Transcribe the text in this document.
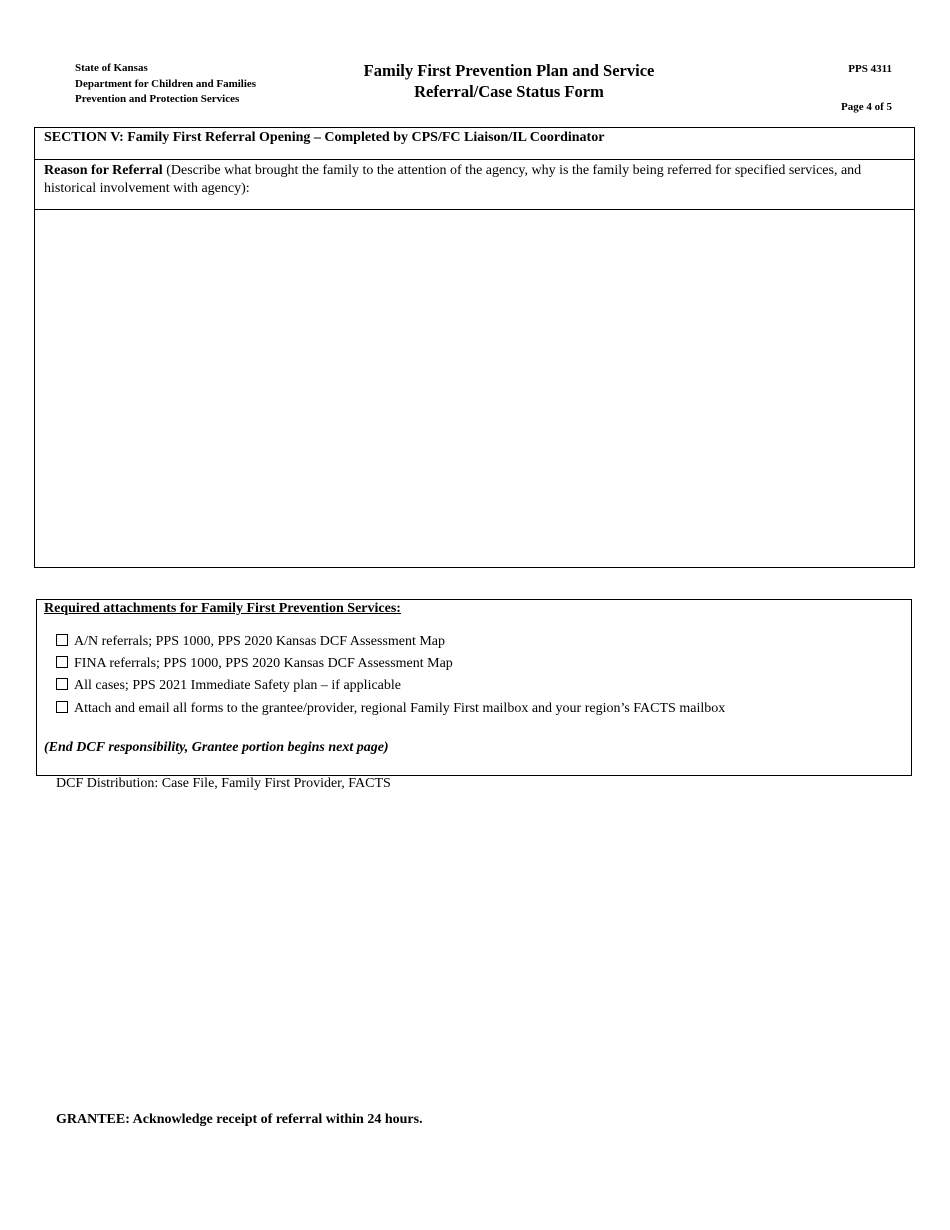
State of Kansas
Department for Children and Families
Prevention and Protection Services
Family First Prevention Plan and Service
Referral/Case Status Form
PPS 4311
Page 4 of 5
SECTION V: Family First Referral Opening – Completed by CPS/FC Liaison/IL Coordinator

Reason for Referral (Describe what brought the family to the attention of the agency, why is the family being referred for specified services, and historical involvement with agency):

Required attachments for Family First Prevention Services:
A/N referrals; PPS 1000, PPS 2020 Kansas DCF Assessment Map
FINA referrals; PPS 1000, PPS 2020 Kansas DCF Assessment Map
All cases; PPS 2021 Immediate Safety plan – if applicable
Attach and email all forms to the grantee/provider, regional Family First mailbox and your region’s FACTS mailbox
(End DCF responsibility, Grantee portion begins next page)
DCF Distribution: Case File, Family First Provider, FACTS
GRANTEE: Acknowledge receipt of referral within 24 hours.
